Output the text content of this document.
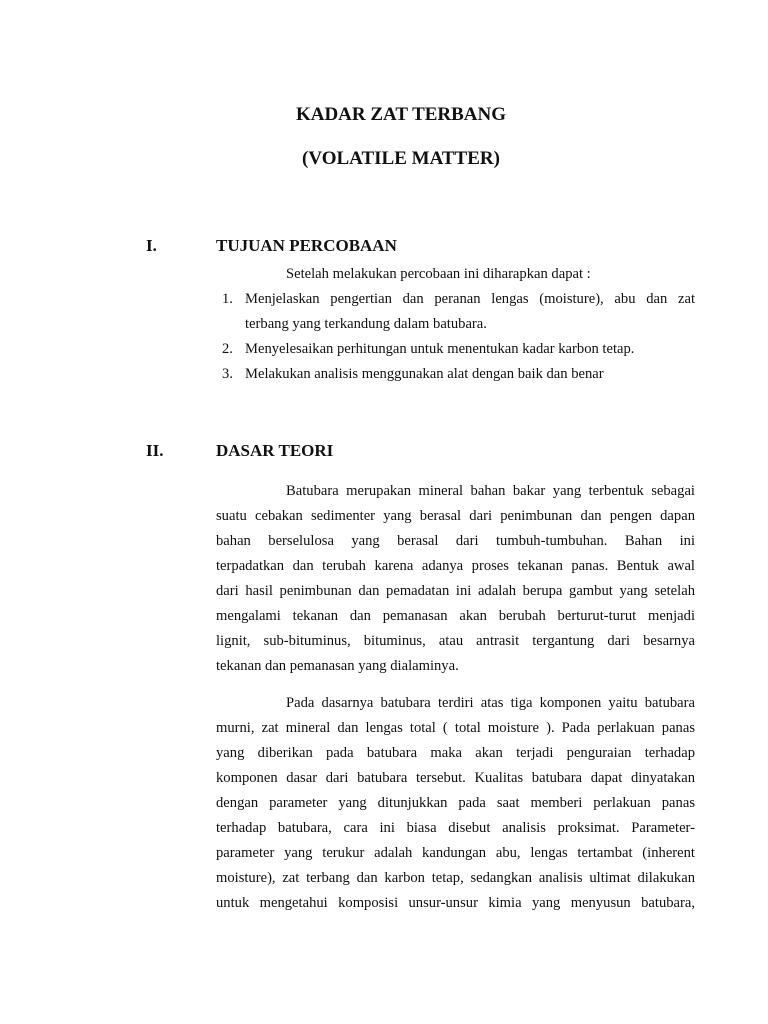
KADAR ZAT TERBANG
(VOLATILE MATTER)
I.	TUJUAN PERCOBAAN
Setelah melakukan percobaan ini diharapkan dapat :
1. Menjelaskan pengertian dan peranan lengas (moisture), abu dan zat
terbang yang terkandung dalam batubara.
2. Menyelesaikan perhitungan untuk menentukan kadar karbon tetap.
3. Melakukan analisis menggunakan alat dengan baik dan benar
II.	DASAR TEORI
Batubara merupakan mineral bahan bakar yang terbentuk sebagai
suatu cebakan sedimenter yang berasal dari penimbunan dan pengen dapan
bahan berselulosa yang berasal dari tumbuh-tumbuhan. Bahan ini
terpadatkan dan terubah karena adanya proses tekanan panas. Bentuk awal
dari hasil penimbunan dan pemadatan ini adalah berupa gambut yang setelah
mengalami tekanan dan pemanasan akan berubah berturut-turut menjadi
lignit, sub-bituminus, bituminus, atau antrasit tergantung dari besarnya
tekanan dan pemanasan yang dialaminya.
Pada dasarnya batubara terdiri atas tiga komponen yaitu batubara
murni, zat mineral dan lengas total ( total moisture ). Pada perlakuan panas
yang diberikan pada batubara maka akan terjadi penguraian terhadap
komponen dasar dari batubara tersebut. Kualitas batubara dapat dinyatakan
dengan parameter yang ditunjukkan pada saat memberi perlakuan panas
terhadap batubara, cara ini biasa disebut analisis proksimat. Parameter-
parameter yang terukur adalah kandungan abu, lengas tertambat (inherent
moisture), zat terbang dan karbon tetap, sedangkan analisis ultimat dilakukan
untuk mengetahui komposisi unsur-unsur kimia yang menyusun batubara,
